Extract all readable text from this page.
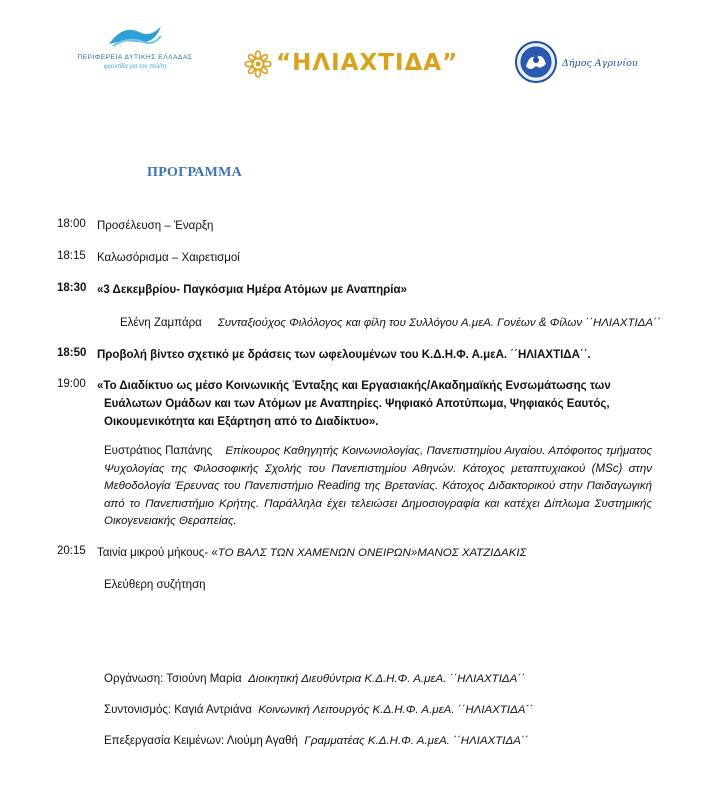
ΠΕΡΙΦΕΡΕΙΑ ΔΥΤΙΚΗΣ ΕΛΛΑΔΑΣ
φροντίδα για τον πολίτη	“ΗΛΙΑΧΤΙΔΑ”	Δήμος Αγρινίου
ΠΡΟΓΡΑΜΜΑ
18:00 Προσέλευση – Έναρξη
18:15 Καλωσόρισμα – Χαιρετισμοί
18:30 «3 Δεκεμβρίου- Παγκόσμια Ημέρα Ατόμων με Αναπηρία»
Ελένη Ζαμπάρα Συνταξιούχος Φιλόλογος και φίλη του Συλλόγου Α.μεΑ. Γονέων & Φίλων ΄΄ΗΛΙΑΧΤΙΔΑ΄΄
18:50 Προβολή βίντεο σχετικό με δράσεις των ωφελουμένων του Κ.Δ.Η.Φ. Α.μεΑ. ΄΄ΗΛΙΑΧΤΙΔΑ΄΄.
19:00 «Το Διαδίκτυο ως μέσο Κοινωνικής Ένταξης και Εργασιακής/Ακαδημαϊκής Ενσωμάτωσης των
Ευάλωτων Ομάδων και των Ατόμων με Αναπηρίες. Ψηφιακό Αποτύπωμα, Ψηφιακός Εαυτός,
Οικουμενικότητα και Εξάρτηση από το Διαδίκτυο».
Ευστράτιος Παπάνης Επίκουρος Καθηγητής Κοινωνιολογίας, Πανεπιστημίου Αιγαίου. Απόφοιτος τμήματος Ψυχολογίας της Φιλοσοφικής Σχολής του Πανεπιστημίου Αθηνών. Κάτοχος μεταπτυχιακού (MSc) στην Μεθοδολογία Έρευνας του Πανεπιστήμιο Reading της Βρετανίας. Κάτοχος Διδακτορικού στην Παιδαγωγική από το Πανεπιστήμιο Κρήτης. Παράλληλα έχει τελειώσει Δημοσιογραφία και κατέχει Δίπλωμα Συστημικής Οικογενειακής Θεραπείας.
20:15 Ταινία μικρού μήκους- «ΤΟ ΒΑΛΣ ΤΩΝ ΧΑΜΕΝΩΝ ΟΝΕΙΡΩΝ»ΜΑΝΟΣ ΧΑΤΖΙΔΑΚΙΣ
Ελεύθερη συζήτηση
Οργάνωση: Τσιούνη Μαρία Διοικητική Διευθύντρια Κ.Δ.Η.Φ. Α.μεΑ. ΄΄ΗΛΙΑΧΤΙΔΑ΄΄
Συντονισμός: Καγιά Αντριάνα Κοινωνική Λειτουργός Κ.Δ.Η.Φ. Α.μεΑ. ΄΄ΗΛΙΑΧΤΙΔΑ΄΄
Επεξεργασία Κειμένων: Λιούμη Αγαθή Γραμματέας Κ.Δ.Η.Φ. Α.μεΑ. ΄΄ΗΛΙΑΧΤΙΔΑ΄΄
